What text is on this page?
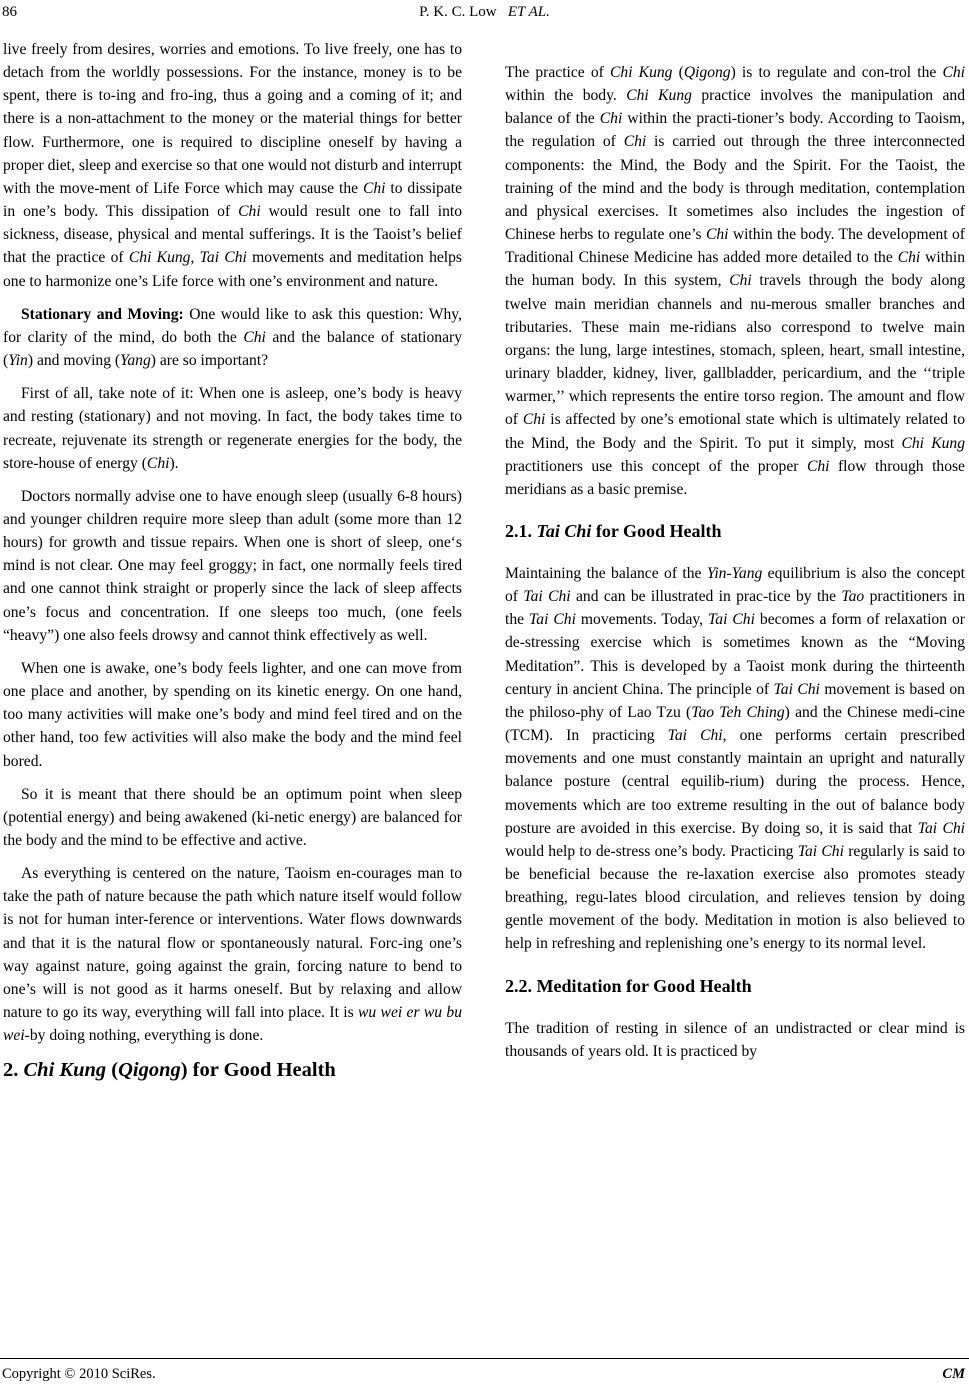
86	P. K. C. Low ET AL.

live freely from desires, worries and emotions. To live freely, one has to detach from the worldly possessions. For the instance, money is to be spent, there is to-ing and fro-ing, thus a going and a coming of it; and there is a non-attachment to the money or the material things for better flow. Furthermore, one is required to discipline oneself by having a proper diet, sleep and exercise so that one would not disturb and interrupt with the move-ment of Life Force which may cause the Chi to dissipate in one’s body. This dissipation of Chi would result one to fall into sickness, disease, physical and mental sufferings. It is the Taoist’s belief that the practice of Chi Kung, Tai Chi movements and meditation helps one to harmonize one’s Life force with one’s environment and nature.

Stationary and Moving: One would like to ask this question: Why, for clarity of the mind, do both the Chi and the balance of stationary (Yin) and moving (Yang) are so important?

First of all, take note of it: When one is asleep, one’s body is heavy and resting (stationary) and not moving. In fact, the body takes time to recreate, rejuvenate its strength or regenerate energies for the body, the store-house of energy (Chi).

Doctors normally advise one to have enough sleep (usually 6-8 hours) and younger children require more sleep than adult (some more than 12 hours) for growth and tissue repairs. When one is short of sleep, one‘s mind is not clear. One may feel groggy; in fact, one normally feels tired and one cannot think straight or properly since the lack of sleep affects one’s focus and concentration. If one sleeps too much, (one feels “heavy”) one also feels drowsy and cannot think effectively as well.

When one is awake, one’s body feels lighter, and one can move from one place and another, by spending on its kinetic energy. On one hand, too many activities will make one’s body and mind feel tired and on the other hand, too few activities will also make the body and the mind feel bored.

So it is meant that there should be an optimum point when sleep (potential energy) and being awakened (ki-netic energy) are balanced for the body and the mind to be effective and active.

As everything is centered on the nature, Taoism en-courages man to take the path of nature because the path which nature itself would follow is not for human inter-ference or interventions. Water flows downwards and that it is the natural flow or spontaneously natural. Forc-ing one’s way against nature, going against the grain, forcing nature to bend to one’s will is not good as it harms oneself. But by relaxing and allow nature to go its way, everything will fall into place. It is wu wei er wu bu wei-by doing nothing, everything is done.

2. Chi Kung (Qigong) for Good Health

The practice of Chi Kung (Qigong) is to regulate and con-trol the Chi within the body. Chi Kung practice involves the manipulation and balance of the Chi within the practi-tioner’s body. According to Taoism, the regulation of Chi is carried out through the three interconnected components: the Mind, the Body and the Spirit. For the Taoist, the training of the mind and the body is through meditation, contemplation and physical exercises. It sometimes also includes the ingestion of Chinese herbs to regulate one’s Chi within the body. The development of Traditional Chinese Medicine has added more detailed to the Chi within the human body. In this system, Chi travels through the body along twelve main meridian channels and nu-merous smaller branches and tributaries. These main me-ridians also correspond to twelve main organs: the lung, large intestines, stomach, spleen, heart, small intestine, urinary bladder, kidney, liver, gallbladder, pericardium, and the ‘‘triple warmer,’’ which represents the entire torso region. The amount and flow of Chi is affected by one’s emotional state which is ultimately related to the Mind, the Body and the Spirit. To put it simply, most Chi Kung practitioners use this concept of the proper Chi flow through those meridians as a basic premise.

2.1. Tai Chi for Good Health

Maintaining the balance of the Yin-Yang equilibrium is also the concept of Tai Chi and can be illustrated in prac-tice by the Tao practitioners in the Tai Chi movements. Today, Tai Chi becomes a form of relaxation or de-stressing exercise which is sometimes known as the “Moving Meditation”. This is developed by a Taoist monk during the thirteenth century in ancient China. The principle of Tai Chi movement is based on the philoso-phy of Lao Tzu (Tao Teh Ching) and the Chinese medi-cine (TCM). In practicing Tai Chi, one performs certain prescribed movements and one must constantly maintain an upright and naturally balance posture (central equilib-rium) during the process. Hence, movements which are too extreme resulting in the out of balance body posture are avoided in this exercise. By doing so, it is said that Tai Chi would help to de-stress one’s body. Practicing Tai Chi regularly is said to be beneficial because the re-laxation exercise also promotes steady breathing, regu-lates blood circulation, and relieves tension by doing gentle movement of the body. Meditation in motion is also believed to help in refreshing and replenishing one’s energy to its normal level.

2.2. Meditation for Good Health

The tradition of resting in silence of an undistracted or clear mind is thousands of years old. It is practiced by

Copyright © 2010 SciRes.	CM
